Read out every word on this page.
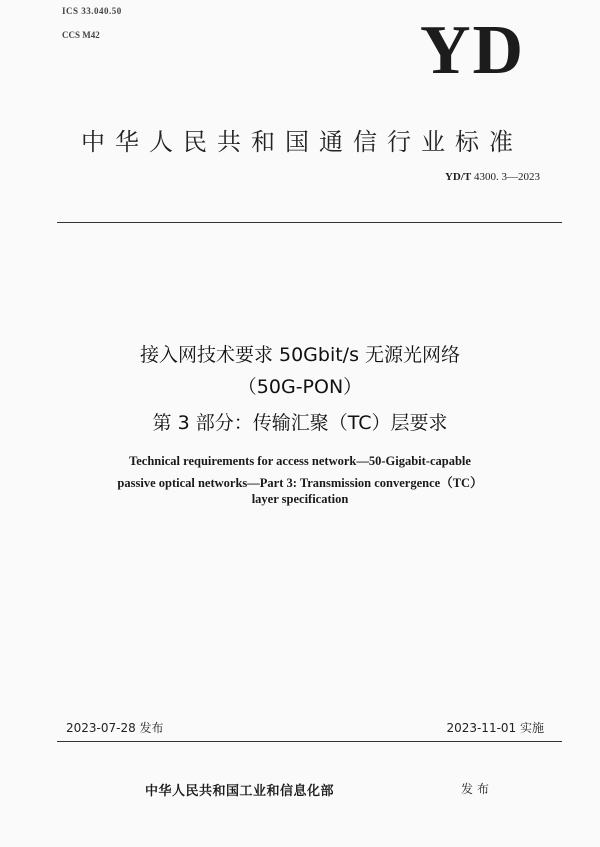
ICS 33.040.50
CCS M42	YD
中华人民共和国通信行业标准
YD/T 4300. 3—2023
接入网技术要求 50Gbit/s 无源光网络
（50G-PON）
第 3 部分：传输汇聚（TC）层要求
Technical requirements for access network—50-Gigabit-capable
passive optical networks—Part 3: Transmission convergence（TC）
layer specification
2023-07-28 发布	2023-11-01 实施
中华人民共和国工业和信息化部	发布
